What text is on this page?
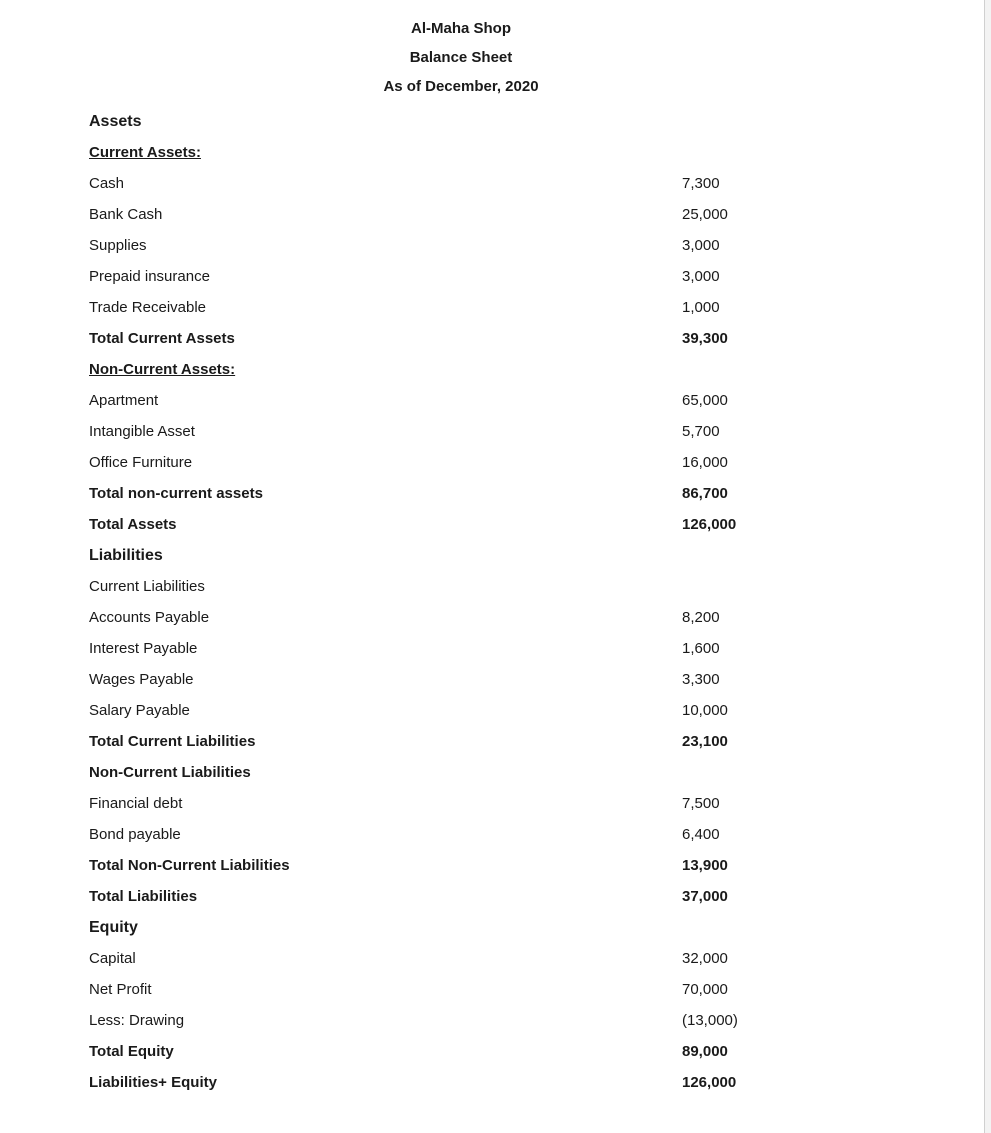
Al-Maha Shop
Balance Sheet
As of December, 2020
Assets
Current Assets:
Cash	7,300
Bank Cash	25,000
Supplies	3,000
Prepaid insurance	3,000
Trade Receivable	1,000
Total Current Assets	39,300
Non-Current Assets:
Apartment	65,000
Intangible Asset	5,700
Office Furniture	16,000
Total non-current assets	86,700
Total Assets	126,000
Liabilities
Current Liabilities
Accounts Payable	8,200
Interest Payable	1,600
Wages Payable	3,300
Salary Payable	10,000
Total Current Liabilities	23,100
Non-Current Liabilities
Financial debt	7,500
Bond payable	6,400
Total Non-Current Liabilities	13,900
Total Liabilities	37,000
Equity
Capital	32,000
Net Profit	70,000
Less: Drawing	(13,000)
Total Equity	89,000
Liabilities+ Equity	126,000
